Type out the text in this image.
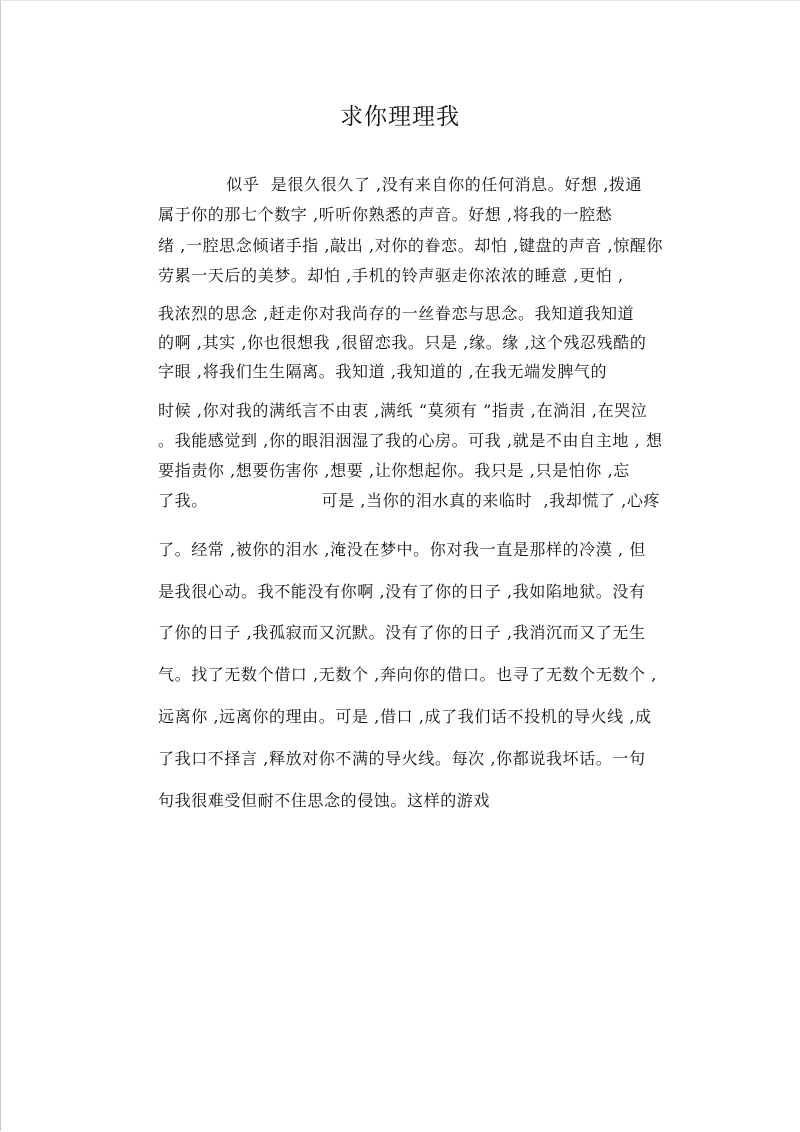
求你理理我
似乎  是很久很久了 ,没有来自你的任何消息。好想 ,拨通
属于你的那七个数字 ,听听你熟悉的声音。好想 ,将我的一腔愁
绪 ,一腔思念倾诸手指 ,敲出 ,对你的眷恋。却怕 ,键盘的声音 ,惊醒你
劳累一天后的美梦。却怕 ,手机的铃声驱走你浓浓的睡意 ,更怕 ,
我浓烈的思念 ,赶走你对我尚存的一丝眷恋与思念。我知道我知道
的啊 ,其实 ,你也很想我 ,很留恋我。只是 ,缘。缘 ,这个残忍残酷的
字眼 ,将我们生生隔离。我知道 ,我知道的 ,在我无端发脾气的
时候 ,你对我的满纸言不由衷 ,满纸 “莫须有 ”指责 ,在淌泪 ,在哭泣
。我能感觉到 ,你的眼泪洇湿了我的心房。可我 ,就是不由自主地 , 想
要指责你 ,想要伤害你 ,想要 ,让你想起你。我只是 ,只是怕你 ,忘
了我。                    可是 ,当你的泪水真的来临时  ,我却慌了 ,心疼
了。经常 ,被你的泪水 ,淹没在梦中。你对我一直是那样的冷漠 , 但
是我很心动。我不能没有你啊 ,没有了你的日子 ,我如陷地狱。没有
了你的日子 ,我孤寂而又沉默。没有了你的日子 ,我消沉而又了无生
气。找了无数个借口 ,无数个 ,奔向你的借口。也寻了无数个无数个 ,
远离你 ,远离你的理由。可是 ,借口 ,成了我们话不投机的导火线 ,成
了我口不择言 ,释放对你不满的导火线。每次 ,你都说我坏话。一句
句我很难受但耐不住思念的侵蚀。这样的游戏
